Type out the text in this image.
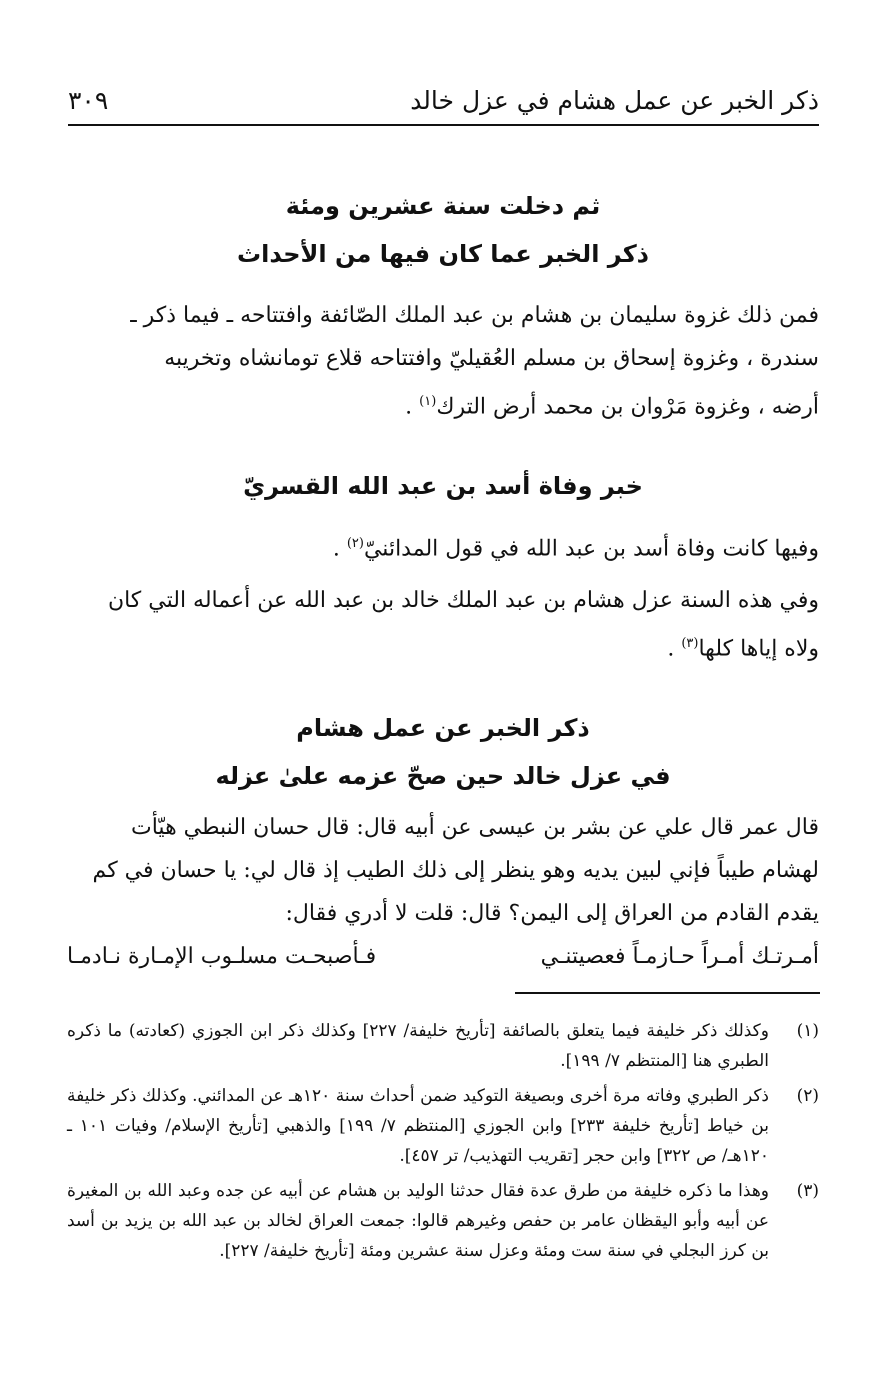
ذكر الخبر عن عمل هشام في عزل خالد
٣٠٩
ثم دخلت سنة عشرين ومئة
ذكر الخبر عما كان فيها من الأحداث

فمن ذلك غزوة سليمان بن هشام بن عبد الملك الصّائفة وافتتاحه ـ فيما ذكر ـ
سندرة ، وغزوة إسحاق بن مسلم العُقيليّ وافتتاحه قلاع تومانشاه وتخريبه
أرضه ، وغزوة مَرْوان بن محمد أرض الترك$^{(١)}$ .

خبر وفاة أسد بن عبد الله القسريّ

وفيها كانت وفاة أسد بن عبد الله في قول المدائنيّ$^{(٢)}$ .

وفي هذه السنة عزل هشام بن عبد الملك خالد بن عبد الله عن أعماله التي كان
ولاه إياها كلها$^{(٣)}$ .

ذكر الخبر عن عمل هشام
في عزل خالد حين صحّ عزمه علىٰ عزله

قال عمر قال علي عن بشر بن عيسى عن أبيه قال: قال حسان النبطي هيّأت
لهشام طيباً فإني لبين يديه وهو ينظر إلى ذلك الطيب إذ قال لي: يا حسان في كم
يقدم القادم من العراق إلى اليمن؟ قال: قلت لا أدري فقال:

أمـرتـك أمـراً حـازمـاً فعصيتنـي
فـأصبحـت مسلـوب الإمـارة نـادمـا
(١)
وكذلك ذكر خليفة فيما يتعلق بالصائفة [تأريخ خليفة/ ٢٢٧] وكذلك ذكر ابن الجوزي (كعادته) ما ذكره الطبري هنا [المنتظم ٧/ ١٩٩].
(٢)
ذكر الطبري وفاته مرة أخرى وبصيغة التوكيد ضمن أحداث سنة ١٢٠هـ عن المدائني. وكذلك ذكر خليفة بن خياط [تأريخ خليفة ٢٣٣] وابن الجوزي [المنتظم ٧/ ١٩٩] والذهبي [تأريخ الإسلام/ وفيات ١٠١ ـ ١٢٠هـ/ ص ٣٢٢] وابن حجر [تقريب التهذيب/ تر ٤٥٧].
(٣)
وهذا ما ذكره خليفة من طرق عدة فقال حدثنا الوليد بن هشام عن أبيه عن جده وعبد الله بن المغيرة عن أبيه وأبو اليقظان عامر بن حفص وغيرهم قالوا: جمعت العراق لخالد بن عبد الله بن يزيد بن أسد بن كرز البجلي في سنة ست ومئة وعزل سنة عشرين ومئة [تأريخ خليفة/ ٢٢٧].
